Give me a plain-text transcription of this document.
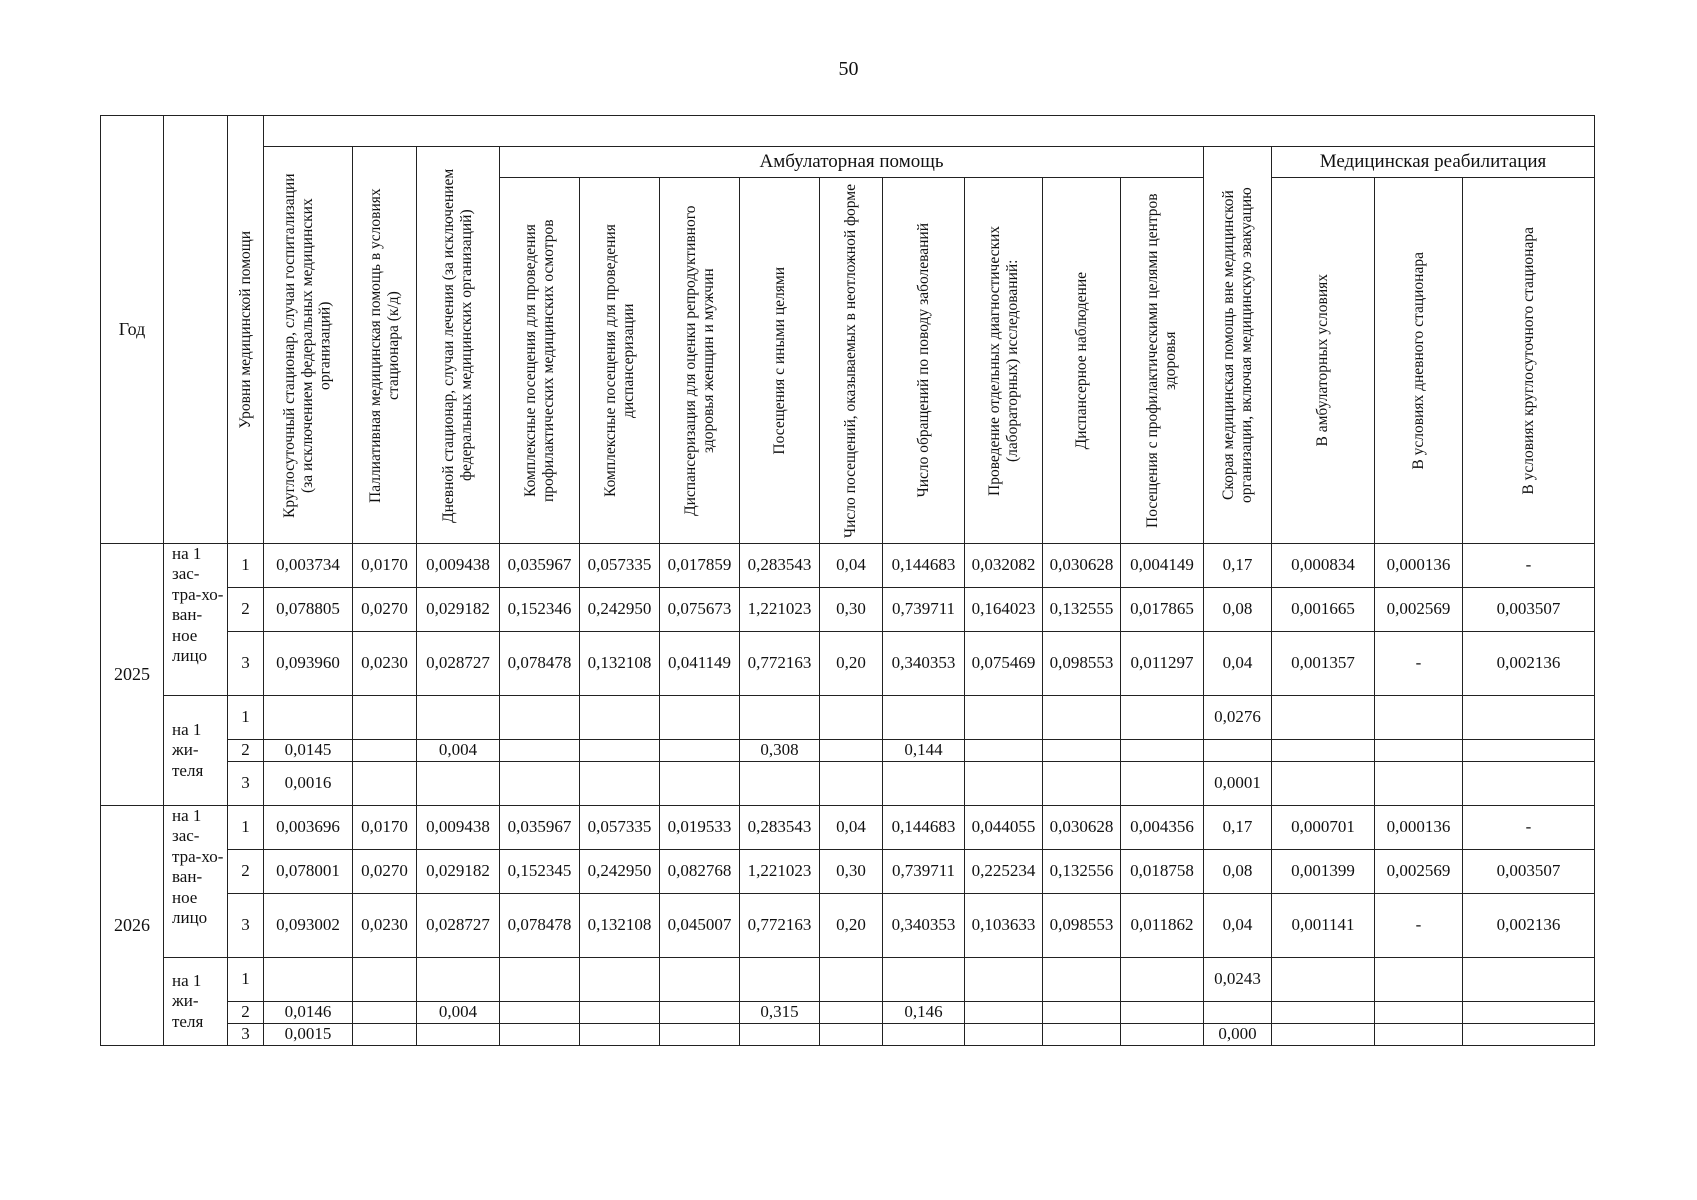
50
Год		Уровни медицинской помощи																

			Круглосуточный стационар, случаи госпитализации (за исключением федеральных медицинских организаций)	Паллиативная медицинская помощь в условиях стационара (к/д)	Дневной стационар, случаи лечения (за исключением федеральных медицинских организаций)	Амбулаторная помощь									Скорая медицинская помощь вне медицинской организации, включая медицинскую эвакуацию	Медицинская реабилитация		

						Комплексные посещения для проведения профилактических медицинских осмотров	Комплексные посещения для проведения диспансеризации	Диспансеризация для оценки репродуктивного здоровья женщин и мужчин	Посещения с иными целями	Число посещений, оказываемых в неотложной форме	Число обращений по поводу заболеваний	Проведение отдельных диагностических (лабораторных) исследований:	Диспансерное наблюдение	Посещения с профилактическими целями центров здоровья		В амбулаторных условиях	В условиях дневного стационара	В условиях круглосуточного стационара

2025	на 1 зас-тра-хо-ван-ное лицо	1	0,003734	0,0170	0,009438	0,035967	0,057335	0,017859	0,283543	0,04	0,144683	0,032082	0,030628	0,004149	0,17	0,000834	0,000136	-
		2	0,078805	0,0270	0,029182	0,152346	0,242950	0,075673	1,221023	0,30	0,739711	0,164023	0,132555	0,017865	0,08	0,001665	0,002569	0,003507
		3	0,093960	0,0230	0,028727	0,078478	0,132108	0,041149	0,772163	0,20	0,340353	0,075469	0,098553	0,011297	0,04	0,001357	-	0,002136
	на 1 жи-теля	1													0,0276			
		2	0,0145		0,004				0,308		0,144							
		3	0,0016												0,0001			
2026	на 1 зас-тра-хо-ван-ное лицо	1	0,003696	0,0170	0,009438	0,035967	0,057335	0,019533	0,283543	0,04	0,144683	0,044055	0,030628	0,004356	0,17	0,000701	0,000136	-
		2	0,078001	0,0270	0,029182	0,152345	0,242950	0,082768	1,221023	0,30	0,739711	0,225234	0,132556	0,018758	0,08	0,001399	0,002569	0,003507
		3	0,093002	0,0230	0,028727	0,078478	0,132108	0,045007	0,772163	0,20	0,340353	0,103633	0,098553	0,011862	0,04	0,001141	-	0,002136
	на 1 жи-теля	1													0,0243			
		2	0,0146		0,004				0,315		0,146							
		3	0,0015												0,000			
